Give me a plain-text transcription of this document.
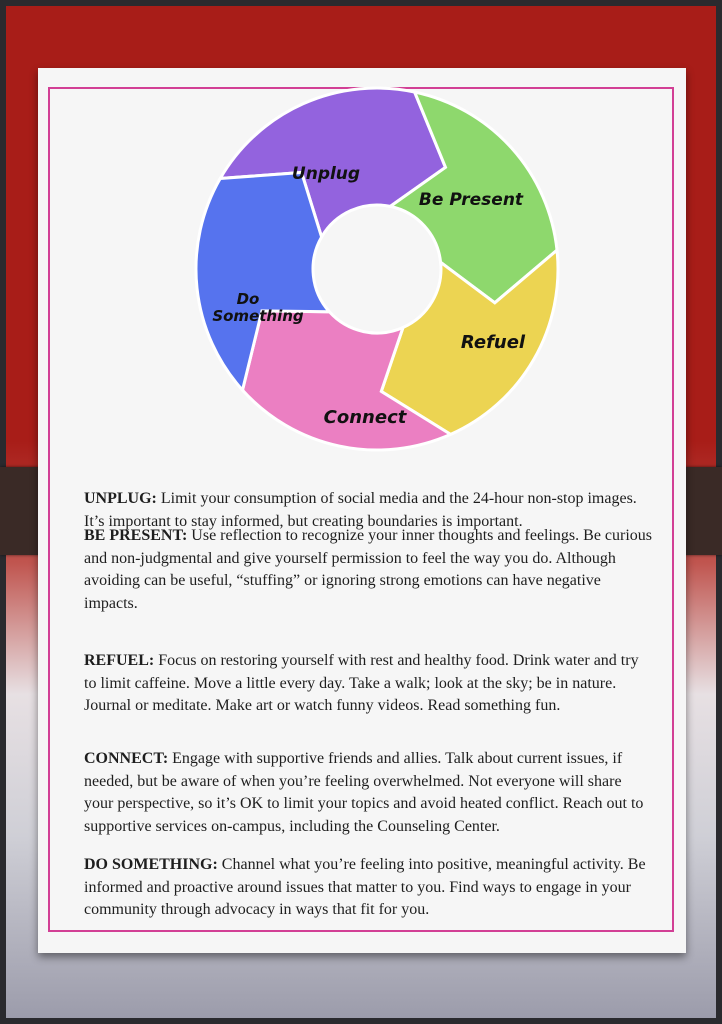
Unplug
Be Present
Refuel
Connect
Do
Something
UNPLUG: Limit your consumption of social media and the 24-hour non-stop images. It’s important to stay informed, but creating boundaries is important.
BE PRESENT: Use reflection to recognize your inner thoughts and feelings. Be curious and non-judgmental and give yourself permission to feel the way you do. Although avoiding can be useful, “stuffing” or ignoring strong emotions can have negative impacts.
REFUEL: Focus on restoring yourself with rest and healthy food. Drink water and try to limit caffeine. Move a little every day. Take a walk; look at the sky; be in nature. Journal or meditate. Make art or watch funny videos. Read something fun.
CONNECT: Engage with supportive friends and allies. Talk about current issues, if needed, but be aware of when you’re feeling overwhelmed. Not everyone will share your perspective, so it’s OK to limit your topics and avoid heated conflict. Reach out to supportive services on-campus, including the Counseling Center.
DO SOMETHING: Channel what you’re feeling into positive, meaningful activity. Be informed and proactive around issues that matter to you. Find ways to engage in your community through advocacy in ways that fit for you.
